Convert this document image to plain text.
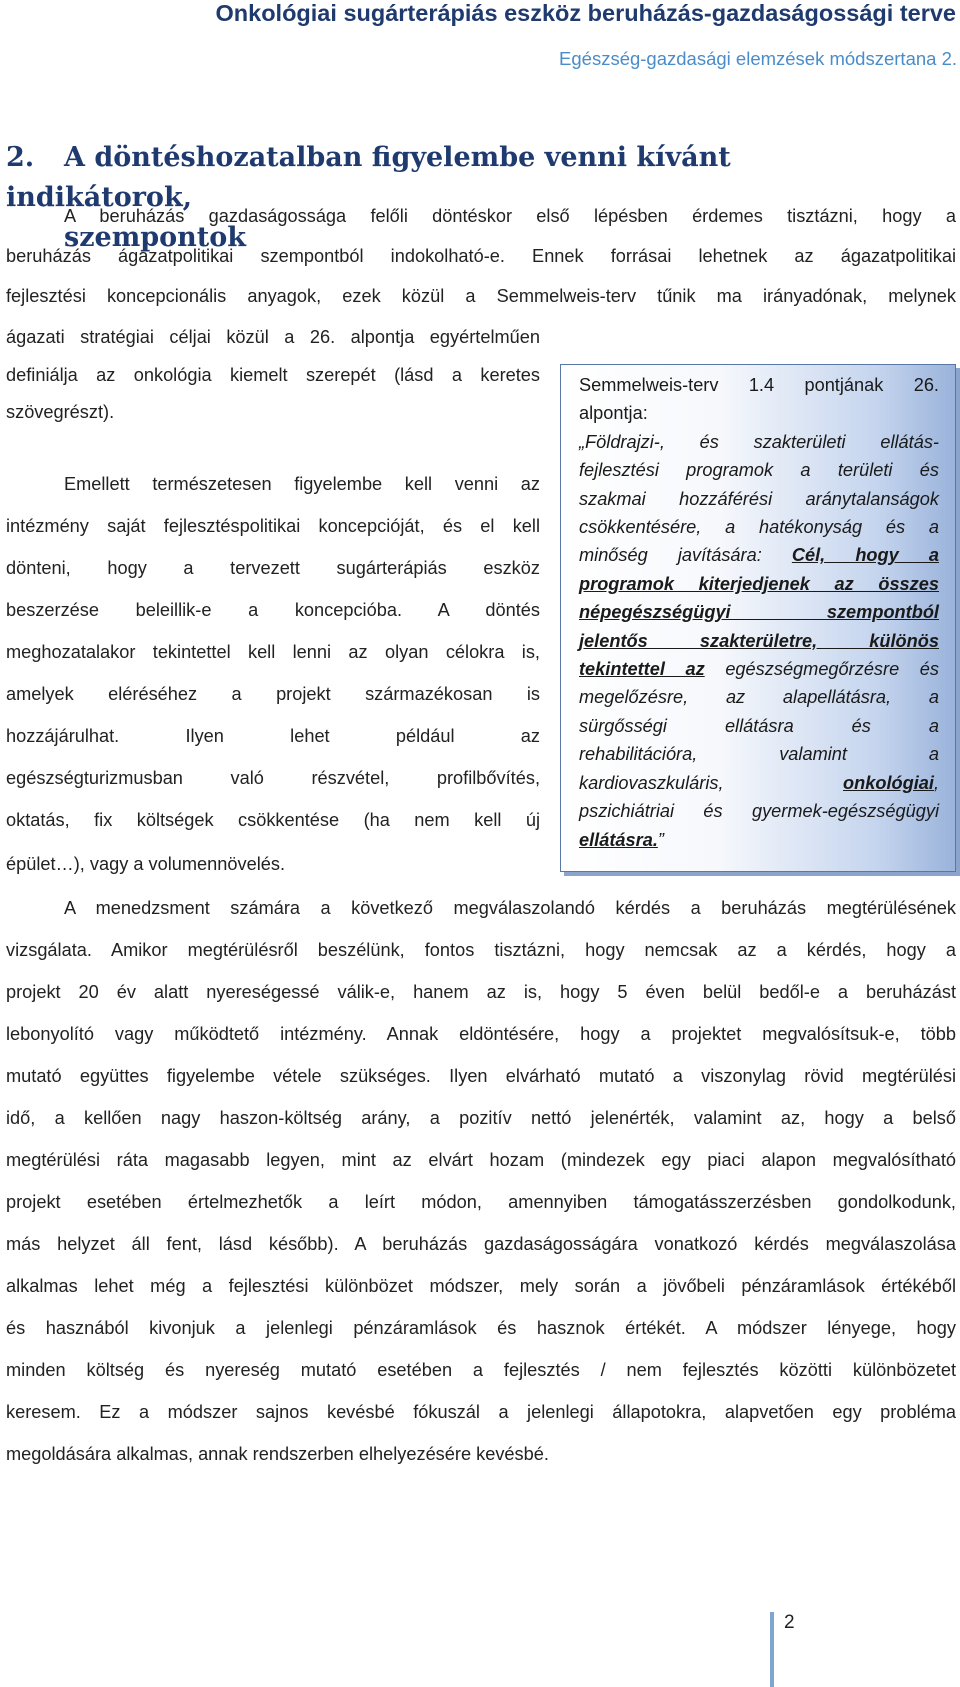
Onkológiai sugárterápiás eszköz beruházás-gazdaságossági terve
Egészség-gazdasági elemzések módszertana 2.
2. A döntéshozatalban figyelembe venni kívánt indikátorok,
szempontok
A beruházás gazdaságossága felőli döntéskor első lépésben érdemes tisztázni, hogy a
beruházás ágazatpolitikai szempontból indokolható-e. Ennek forrásai lehetnek az ágazatpolitikai
fejlesztési koncepcionális anyagok, ezek közül a Semmelweis-terv tűnik ma irányadónak, melynek
ágazati stratégiai céljai közül a 26. alpontja egyértelműen
definiálja az onkológia kiemelt szerepét (lásd a keretes
szövegrészt).
Emellett természetesen figyelembe kell venni az
intézmény saját fejlesztéspolitikai koncepcióját, és el kell
dönteni, hogy a tervezett sugárterápiás eszköz
beszerzése beleillik-e a koncepcióba. A döntés
meghozatalakor tekintettel kell lenni az olyan célokra is,
amelyek eléréséhez a projekt származékosan is
hozzájárulhat. Ilyen lehet például az
egészségturizmusban való részvétel, profilbővítés,
oktatás, fix költségek csökkentése (ha nem kell új
épület…), vagy a volumennövelés.
Semmelweis-terv 1.4 pontjának 26.
alpontja:
„Földrajzi-, és szakterületi ellátás-
fejlesztési programok a területi és
szakmai hozzáférési aránytalanságok
csökkentésére, a hatékonyság és a
minőség javítására: Cél, hogy a
programok kiterjedjenek az összes
népegészségügyi szempontból
jelentős szakterületre, különös
tekintettel az egészségmegőrzésre és
megelőzésre, az alapellátásra, a
sürgősségi ellátásra és a
rehabilitációra, valamint a
kardiovaszkuláris, onkológiai,
pszichiátriai és gyermek-egészségügyi
ellátásra.”
A menedzsment számára a következő megválaszolandó kérdés a beruházás megtérülésének
vizsgálata. Amikor megtérülésről beszélünk, fontos tisztázni, hogy nemcsak az a kérdés, hogy a
projekt 20 év alatt nyereségessé válik-e, hanem az is, hogy 5 éven belül bedől-e a beruházást
lebonyolító vagy működtető intézmény. Annak eldöntésére, hogy a projektet megvalósítsuk-e, több
mutató együttes figyelembe vétele szükséges. Ilyen elvárható mutató a viszonylag rövid megtérülési
idő, a kellően nagy haszon-költség arány, a pozitív nettó jelenérték, valamint az, hogy a belső
megtérülési ráta magasabb legyen, mint az elvárt hozam (mindezek egy piaci alapon megvalósítható
projekt esetében értelmezhetők a leírt módon, amennyiben támogatásszerzésben gondolkodunk,
más helyzet áll fent, lásd később). A beruházás gazdaságosságára vonatkozó kérdés megválaszolása
alkalmas lehet még a fejlesztési különbözet módszer, mely során a jövőbeli pénzáramlások értékéből
és hasznából kivonjuk a jelenlegi pénzáramlások és hasznok értékét. A módszer lényege, hogy
minden költség és nyereség mutató esetében a fejlesztés / nem fejlesztés közötti különbözetet
keresem. Ez a módszer sajnos kevésbé fókuszál a jelenlegi állapotokra, alapvetően egy probléma
megoldására alkalmas, annak rendszerben elhelyezésére kevésbé.
2
